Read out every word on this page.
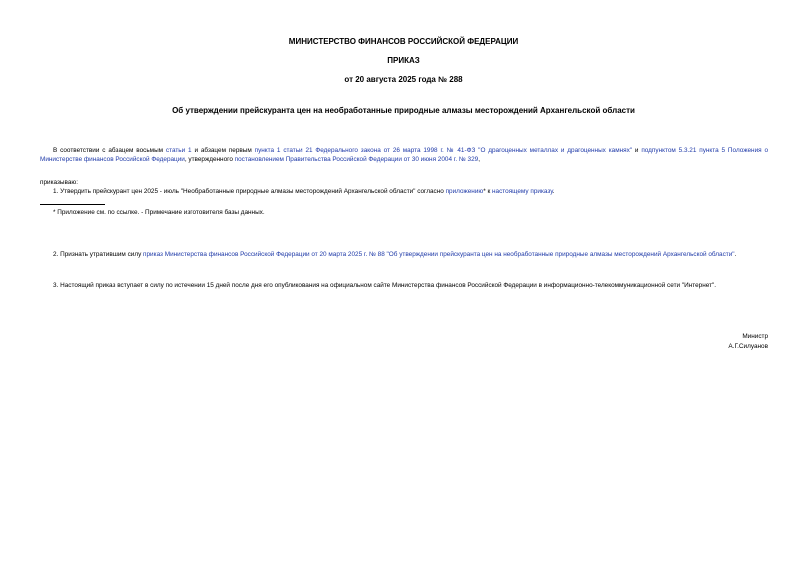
МИНИСТЕРСТВО ФИНАНСОВ РОССИЙСКОЙ ФЕДЕРАЦИИ
ПРИКАЗ
от 20 августа 2025 года № 288
Об утверждении прейскуранта цен на необработанные природные алмазы месторождений Архангельской области
В соответствии с абзацем восьмым статьи 1 и абзацем первым пункта 1 статьи 21 Федерального закона от 26 марта 1998 г. № 41-ФЗ "О драгоценных металлах и драгоценных камнях" и подпунктом 5.3.21 пункта 5 Положения о Министерстве финансов Российской Федерации, утвержденного постановлением Правительства Российской Федерации от 30 июня 2004 г. № 329,
приказываю:
1. Утвердить прейскурант цен 2025 - июль "Необработанные природные алмазы месторождений Архангельской области" согласно приложению* к настоящему приказу.
* Приложение см. по ссылке. - Примечание изготовителя базы данных.
2. Признать утратившим силу приказ Министерства финансов Российской Федерации от 20 марта 2025 г. № 88 "Об утверждении прейскуранта цен на необработанные природные алмазы месторождений Архангельской области".
3. Настоящий приказ вступает в силу по истечении 15 дней после дня его опубликования на официальном сайте Министерства финансов Российской Федерации в информационно-телекоммуникационной сети "Интернет".
Министр
А.Г.Силуанов
